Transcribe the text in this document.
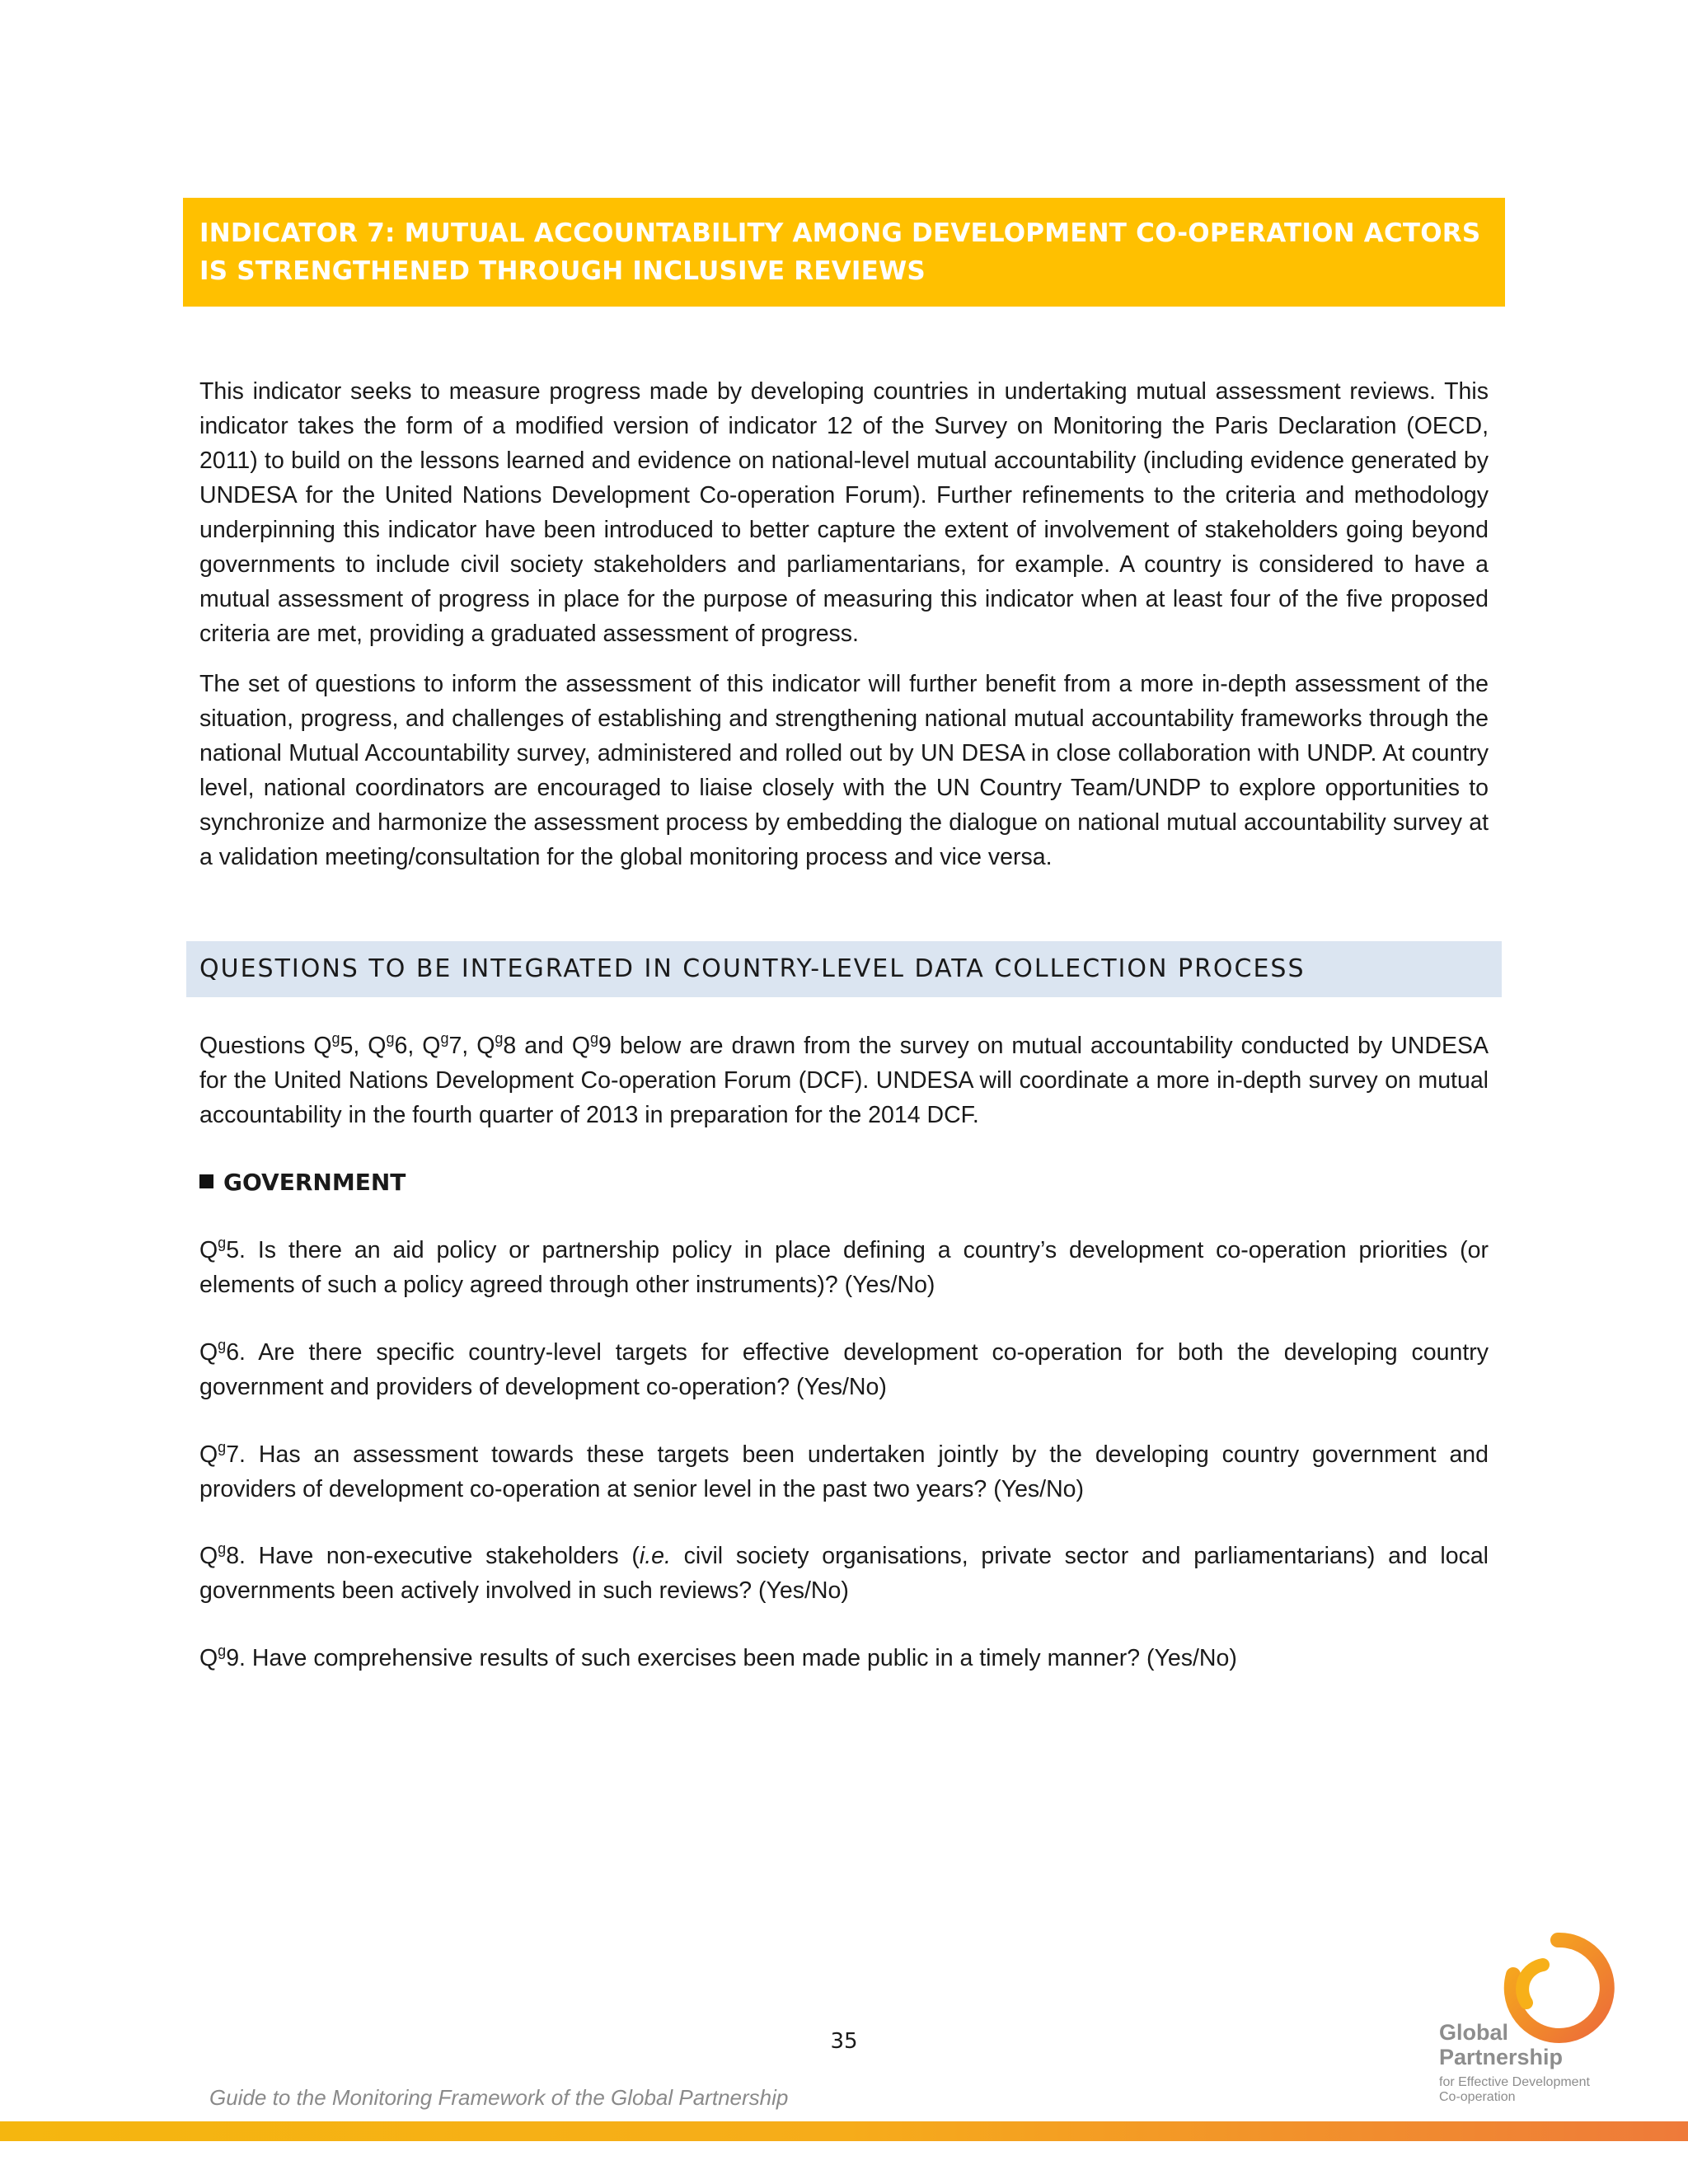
INDICATOR 7: MUTUAL ACCOUNTABILITY AMONG DEVELOPMENT CO-OPERATION ACTORS
IS STRENGTHENED THROUGH INCLUSIVE REVIEWS

This indicator seeks to measure progress made by developing countries in undertaking mutual assessment reviews. This indicator takes the form of a modified version of indicator 12 of the Survey on Monitoring the Paris Declaration (OECD, 2011) to build on the lessons learned and evidence on national-level mutual accountability (including evidence generated by UNDESA for the United Nations Development Co-operation Forum). Further refinements to the criteria and methodology underpinning this indicator have been introduced to better capture the extent of involvement of stakeholders going beyond governments to include civil society stakeholders and parliamentarians, for example. A country is considered to have a mutual assessment of progress in place for the purpose of measuring this indicator when at least four of the five proposed criteria are met, providing a graduated assessment of progress.

The set of questions to inform the assessment of this indicator will further benefit from a more in-depth assessment of the situation, progress, and challenges of establishing and strengthening national mutual accountability frameworks through the national Mutual Accountability survey, administered and rolled out by UN DESA in close collaboration with UNDP. At country level, national coordinators are encouraged to liaise closely with the UN Country Team/UNDP to explore opportunities to synchronize and harmonize the assessment process by embedding the dialogue on national mutual accountability survey at a validation meeting/consultation for the global monitoring process and vice versa.

QUESTIONS TO BE INTEGRATED IN COUNTRY-LEVEL DATA COLLECTION PROCESS

Questions $Q^g5$, $Q^g6$, $Q^g7$, $Q^g8$ and $Q^g9$ below are drawn from the survey on mutual accountability conducted by UNDESA for the United Nations Development Co-operation Forum (DCF). UNDESA will coordinate a more in-depth survey on mutual accountability in the fourth quarter of 2013 in preparation for the 2014 DCF.

GOVERNMENT

$Q^g5$. Is there an aid policy or partnership policy in place defining a country’s development co-operation priorities (or elements of such a policy agreed through other instruments)? (Yes/No)

$Q^g6$. Are there specific country-level targets for effective development co-operation for both the developing country government and providers of development co-operation? (Yes/No)

$Q^g7$. Has an assessment towards these targets been undertaken jointly by the developing country government and providers of development co-operation at senior level in the past two years? (Yes/No)

$Q^g8$. Have non-executive stakeholders (i.e. civil society organisations, private sector and parliamentarians) and local governments been actively involved in such reviews? (Yes/No)

$Q^g9$. Have comprehensive results of such exercises been made public in a timely manner? (Yes/No)

35	Global
Partnership
for Effective Development
Co-operation
Guide to the Monitoring Framework of the Global Partnership
